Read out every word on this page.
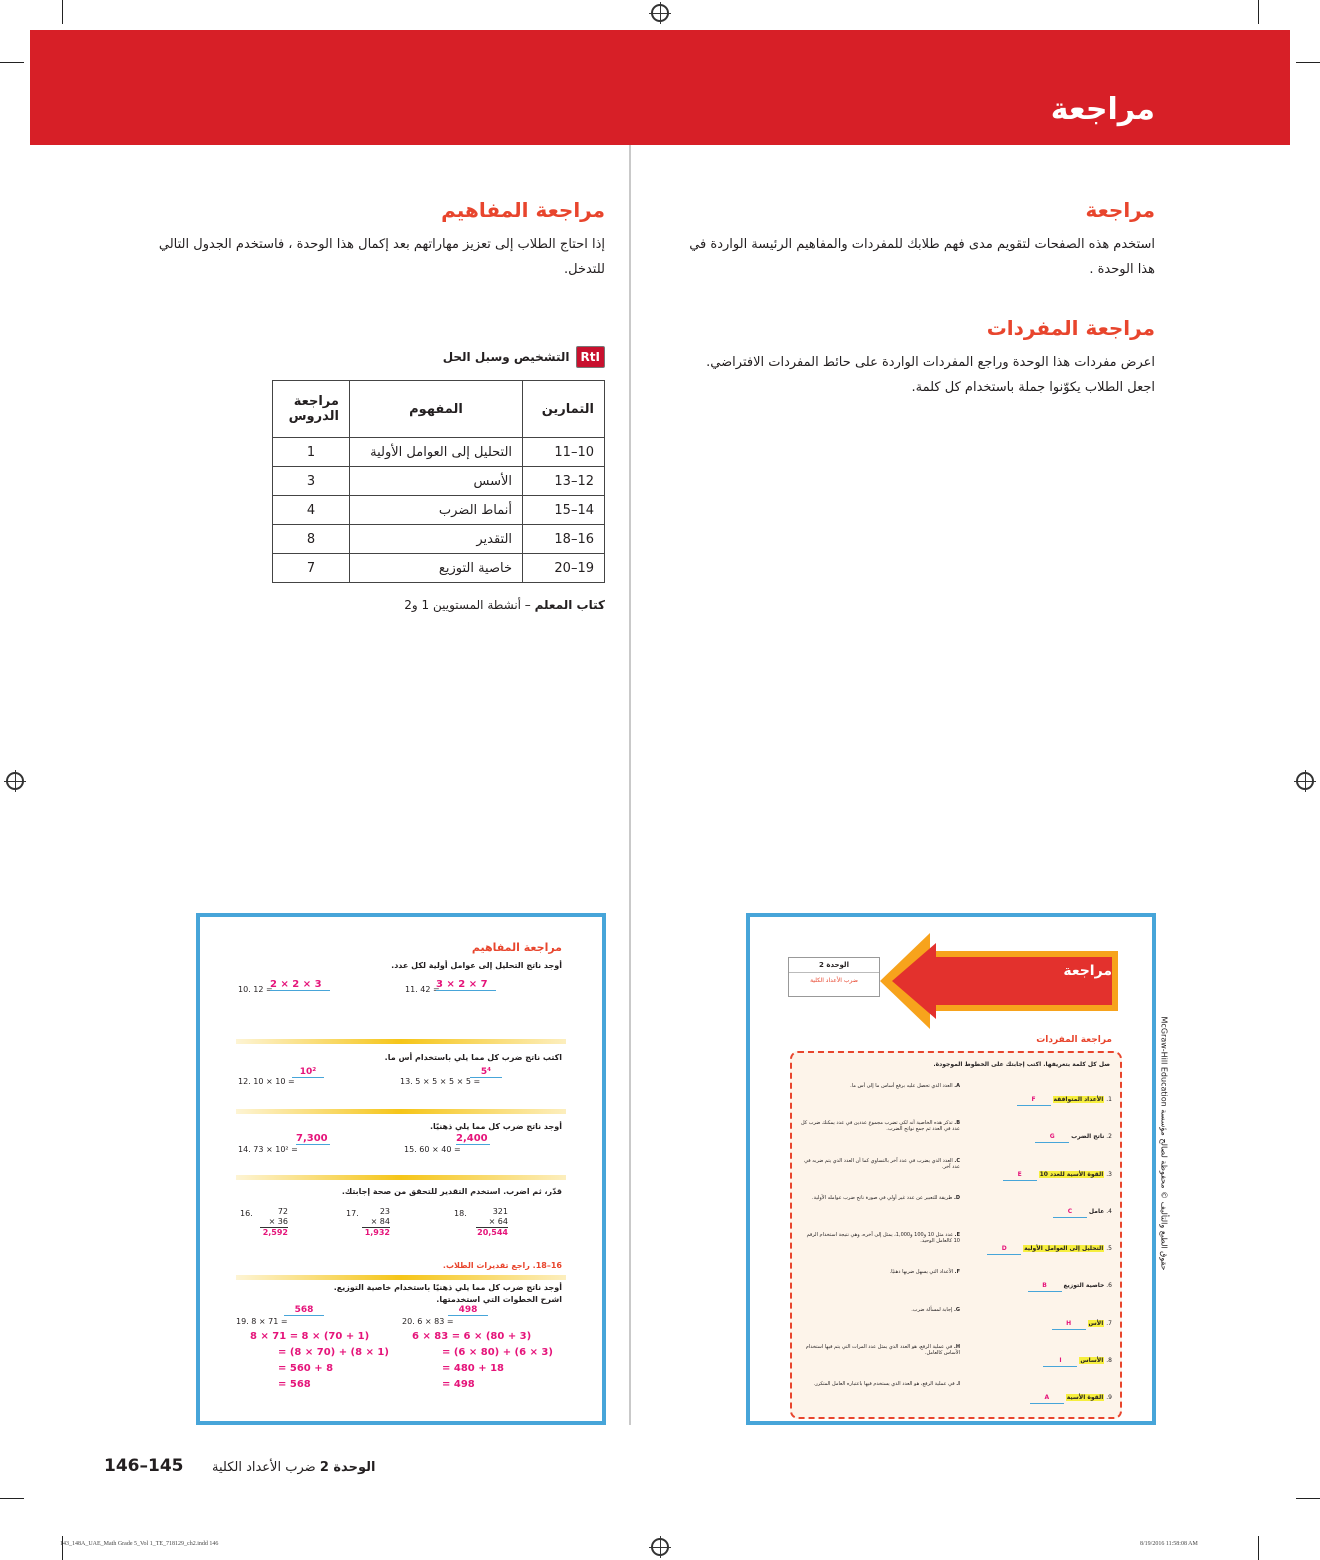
مراجعة
مراجعة
استخدم هذه الصفحات لتقويم مدى فهم طلابك للمفردات والمفاهيم الرئيسة الواردة في
هذا الوحدة .
مراجعة المفردات
اعرض مفردات هذا الوحدة وراجع المفردات الواردة على حائط المفردات الافتراضي.
اجعل الطلاب يكوّنوا جملة باستخدام كل كلمة.
مراجعة المفاهيم
إذا احتاج الطلاب إلى تعزيز مهاراتهم بعد إكمال هذا الوحدة ، فاستخدم الجدول التالي
للتدخل.
RtI
التشخيص وسبل الحل
التمارين	المفهوم	مراجعة الدروس
10–11	التحليل إلى العوامل الأولية	1
12–13	الأسس	3
14–15	أنماط الضرب	4
16–18	التقدير	8
19–20	خاصية التوزيع	7
كتاب المعلم – أنشطة المستويين 1 و2
مراجعة المفاهيم
أوجد ناتج التحليل إلى عوامل أولية لكل عدد.
10. 12 =
2 × 2 × 3	11. 42 =
3 × 2 × 7
اكتب ناتج ضرب كل مما يلي باستخدام أس ما.
12. 10 × 10 =
10²
13. 5 × 5 × 5 × 5 =
5⁴
أوجد ناتج ضرب كل مما يلي ذهنيًا.
14. 73 × 10² =
7,300
15. 60 × 40 =
2,400
قدّر، ثم اضرب. استخدم التقدير للتحقق من صحة إجابتك.
16.	72
× 36
2,592
17.	23
× 84
1,932
18.	321
× 64
20,544
16–18. راجع تقديرات الطلاب.
أوجد ناتج ضرب كل مما يلي ذهنيًا باستخدام خاصية التوزيع.
اشرح الخطوات التي استخدمتها.
19. 8 × 71 =
568
8 × 71 = 8 × (70 + 1)
= (8 × 70) + (8 × 1)
= 560 + 8
= 568
20. 6 × 83 =
498
6 × 83 = 6 × (80 + 3)
= (6 × 80) + (6 × 3)
= 480 + 18
= 498
مراجعة
الوحدة 2
ضرب الأعداد الكلية
مراجعة المفردات
صل كل كلمة بتعريفها. اكتب إجابتك على الخطوط الموجودة.
1. الأعداد المتوافقة F
2. ناتج الضرب G
3. القوة الأسية للعدد 10 E
4. عامل C
5. التحليل إلى العوامل الأولية D
6. خاصية التوزيع B
7. الأس H
8. الأساس I
9. القوة الأسية A
A. العدد الذي تحصل عليه برفع أساس ما إلى أس ما.
B. تذكر هذه الخاصية أنه لكي تضرب مجموع عددين في عدد يمكنك ضرب كل عدد في العدد ثم جمع نواتج الضرب.
C. العدد الذي يضرب في عدد آخر بالتساوي كما أن العدد الذي يتم ضربه في عدد آخر.
D. طريقة للتعبير عن عدد غير أولي في صورة ناتج ضرب عوامله الأولية.
E. عدد مثل 10 و100 و1,000، يمثل إلى آخره، وهي نتيجة استخدام الرقم 10 كالعامل الوحيد.
F. الأعداد التي يسهل ضربها ذهنيًا.
G. إجابة لمسألة ضرب.
H. في عملية الرفع، هو العدد الذي يمثل عدد المرات التي يتم فيها استخدام الأساس كالعامل.
I. في عملية الرفع، هو العدد الذي يستخدم فيها باعتباره العامل المتكرر.
حقوق الطبع والتأليف © محفوظة لصالح مؤسسة McGraw-Hill Education
146–145	الوحدة 2 ضرب الأعداد الكلية
143_148A_UAE_Math Grade 5_Vol 1_TE_718129_ch2.indd 146	8/19/2016 11:58:08 AM
